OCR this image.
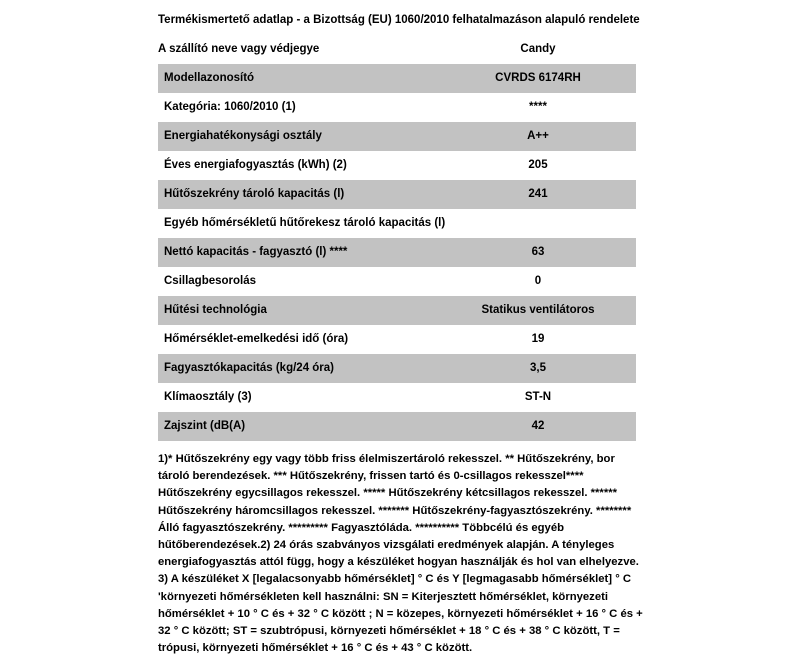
Termékismertető adatlap - a Bizottság (EU) 1060/2010 felhatalmazáson alapuló rendelete
A szállító neve vagy védjegye	Candy
Modellazonosító	CVRDS 6174RH
Kategória: 1060/2010 (1)	****
Energiahatékonysági osztály	A++
Éves energiafogyasztás (kWh) (2)	205
Hűtőszekrény tároló kapacitás (l)	241
Egyéb hőmérsékletű hűtőrekesz tároló kapacitás (l)	
Nettó kapacitás - fagyasztó (l) ****	63
Csillagbesorolás	0
Hűtési technológia	Statikus ventilátoros
Hőmérséklet-emelkedési idő (óra)	19
Fagyasztókapacitás (kg/24 óra)	3,5
Klímaosztály (3)	ST-N
Zajszint (dB(A)	42

1)* Hűtőszekrény egy vagy több friss élelmiszertároló rekesszel. ** Hűtőszekrény, bor tároló berendezések. *** Hűtőszekrény, frissen tartó és 0-csillagos rekesszel**** Hűtőszekrény egycsillagos rekesszel. ***** Hűtőszekrény kétcsillagos rekesszel. ****** Hűtőszekrény háromcsillagos rekesszel. ******* Hűtőszekrény-fagyasztószekrény. ******** Álló fagyasztószekrény. ********* Fagyasztóláda. ********** Többcélú és egyéb hűtőberendezések.2) 24 órás szabványos vizsgálati eredmények alapján. A tényleges energiafogyasztás attól függ, hogy a készüléket hogyan használják és hol van elhelyezve. 3) A készüléket X [legalacsonyabb hőmérséklet] ° C és Y [legmagasabb hőmérséklet] ° C 'környezeti hőmérsékleten kell használni: SN = Kiterjesztett hőmérséklet, környezeti hőmérséklet + 10 ° C és + 32 ° C között ; N = közepes, környezeti hőmérséklet + 16 ° C és + 32 ° C között; ST = szubtrópusi, környezeti hőmérséklet + 18 ° C és + 38 ° C között, T = trópusi, környezeti hőmérséklet + 16 ° C és + 43 ° C között.
